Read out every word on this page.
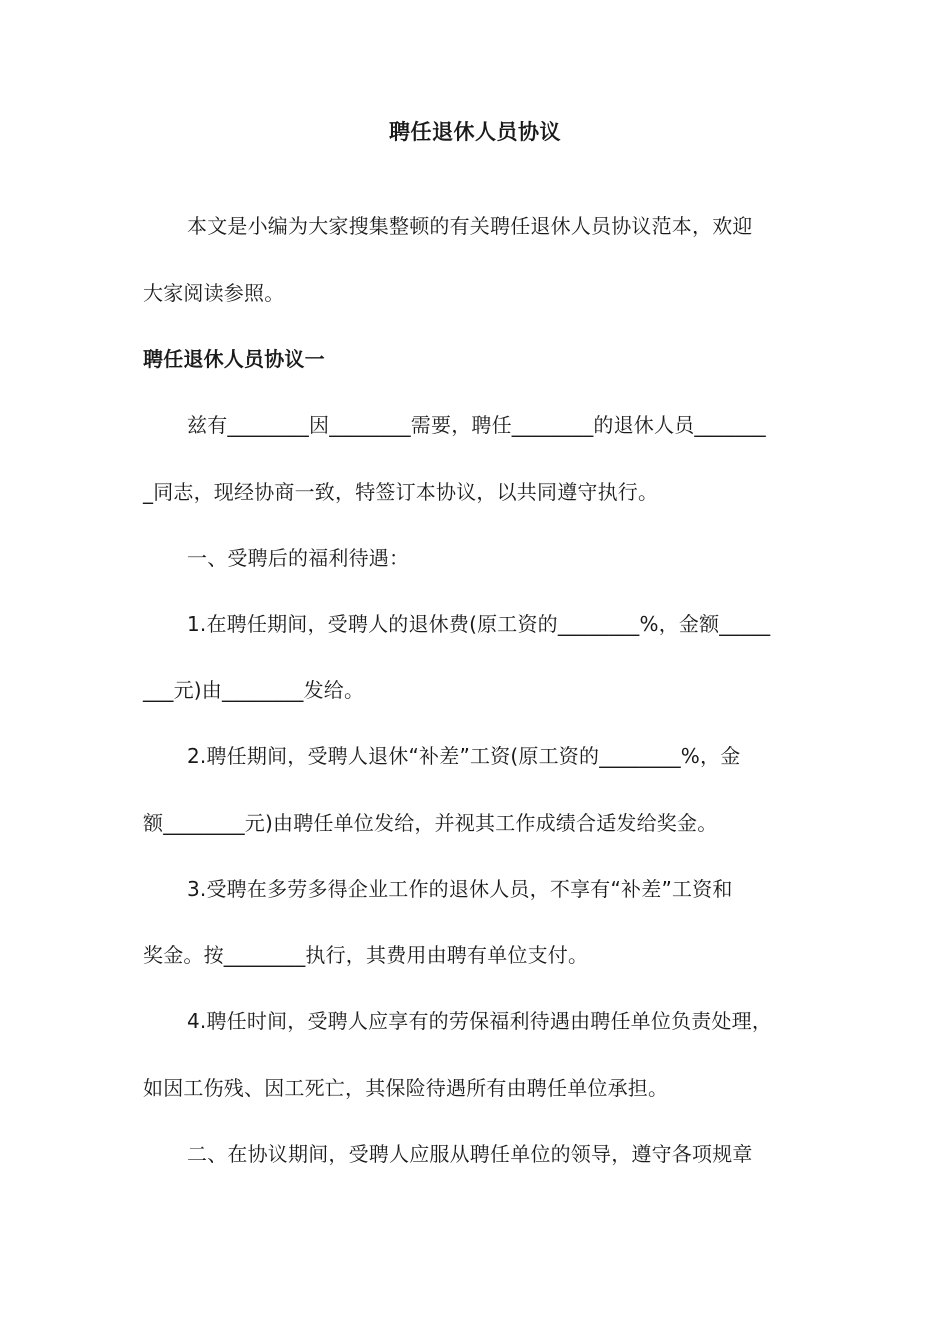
聘任退休人员协议
本文是小编为大家搜集整顿的有关聘任退休人员协议范本，欢迎
大家阅读参照。
聘任退休人员协议一
兹有________因________需要，聘任________的退休人员_______
_同志，现经协商一致，特签订本协议，以共同遵守执行。
一、受聘后的福利待遇：
1.在聘任期间，受聘人的退休费(原工资的________%，金额_____
___元)由________发给。
2.聘任期间，受聘人退休“补差”工资(原工资的________%，金
额________元)由聘任单位发给，并视其工作成绩合适发给奖金。
3.受聘在多劳多得企业工作的退休人员，不享有“补差”工资和
奖金。按________执行，其费用由聘有单位支付。
4.聘任时间，受聘人应享有的劳保福利待遇由聘任单位负责处理，
如因工伤残、因工死亡，其保险待遇所有由聘任单位承担。
二、在协议期间，受聘人应服从聘任单位的领导，遵守各项规章
